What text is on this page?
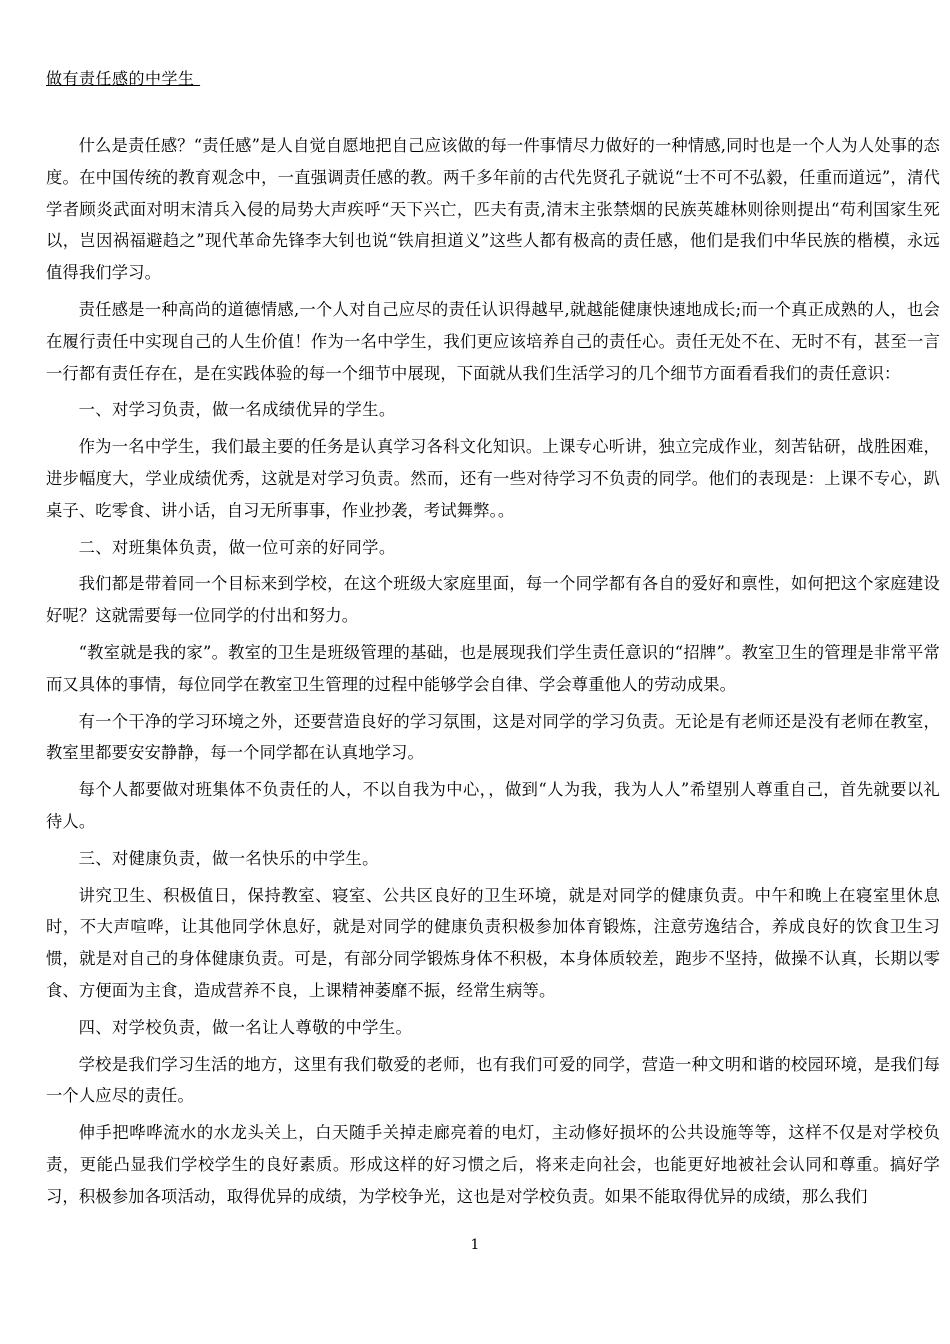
做有责任感的中学生

什么是责任感？“责任感”是人自觉自愿地把自己应该做的每一件事情尽力做好的一种情感,同时也是一个人为人处事的态度。在中国传统的教育观念中，一直强调责任感的教。两千多年前的古代先贤孔子就说“士不可不弘毅，任重而道远”，清代学者顾炎武面对明末清兵入侵的局势大声疾呼“天下兴亡，匹夫有责,清末主张禁烟的民族英雄林则徐则提出“苟利国家生死以，岂因祸福避趋之”现代革命先锋李大钊也说“铁肩担道义”这些人都有极高的责任感，他们是我们中华民族的楷模，永远值得我们学习。

责任感是一种高尚的道德情感,一个人对自己应尽的责任认识得越早,就越能健康快速地成长;而一个真正成熟的人，也会在履行责任中实现自己的人生价值！作为一名中学生，我们更应该培养自己的责任心。责任无处不在、无时不有，甚至一言一行都有责任存在，是在实践体验的每一个细节中展现，下面就从我们生活学习的几个细节方面看看我们的责任意识：

一、对学习负责，做一名成绩优异的学生。

作为一名中学生，我们最主要的任务是认真学习各科文化知识。上课专心听讲，独立完成作业，刻苦钻研，战胜困难，进步幅度大，学业成绩优秀，这就是对学习负责。然而，还有一些对待学习不负责的同学。他们的表现是：上课不专心，趴桌子、吃零食、讲小话，自习无所事事，作业抄袭，考试舞弊。。

二、对班集体负责，做一位可亲的好同学。

我们都是带着同一个目标来到学校，在这个班级大家庭里面，每一个同学都有各自的爱好和禀性，如何把这个家庭建设好呢？这就需要每一位同学的付出和努力。

“教室就是我的家”。教室的卫生是班级管理的基础，也是展现我们学生责任意识的“招牌”。教室卫生的管理是非常平常而又具体的事情，每位同学在教室卫生管理的过程中能够学会自律、学会尊重他人的劳动成果。

有一个干净的学习环境之外，还要营造良好的学习氛围，这是对同学的学习负责。无论是有老师还是没有老师在教室，教室里都要安安静静，每一个同学都在认真地学习。

每个人都要做对班集体不负责任的人，不以自我为中心，，做到“人为我，我为人人”希望别人尊重自己，首先就要以礼待人。

三、对健康负责，做一名快乐的中学生。

讲究卫生、积极值日，保持教室、寝室、公共区良好的卫生环境，就是对同学的健康负责。中午和晚上在寝室里休息时，不大声喧哗，让其他同学休息好，就是对同学的健康负责积极参加体育锻炼，注意劳逸结合，养成良好的饮食卫生习惯，就是对自己的身体健康负责。可是，有部分同学锻炼身体不积极，本身体质较差，跑步不坚持，做操不认真，长期以零食、方便面为主食，造成营养不良，上课精神萎靡不振，经常生病等。

四、对学校负责，做一名让人尊敬的中学生。

学校是我们学习生活的地方，这里有我们敬爱的老师，也有我们可爱的同学，营造一种文明和谐的校园环境，是我们每一个人应尽的责任。

伸手把哗哗流水的水龙头关上，白天随手关掉走廊亮着的电灯，主动修好损坏的公共设施等等，这样不仅是对学校负责，更能凸显我们学校学生的良好素质。形成这样的好习惯之后，将来走向社会，也能更好地被社会认同和尊重。搞好学习，积极参加各项活动，取得优异的成绩，为学校争光，这也是对学校负责。如果不能取得优异的成绩，那么我们

1
